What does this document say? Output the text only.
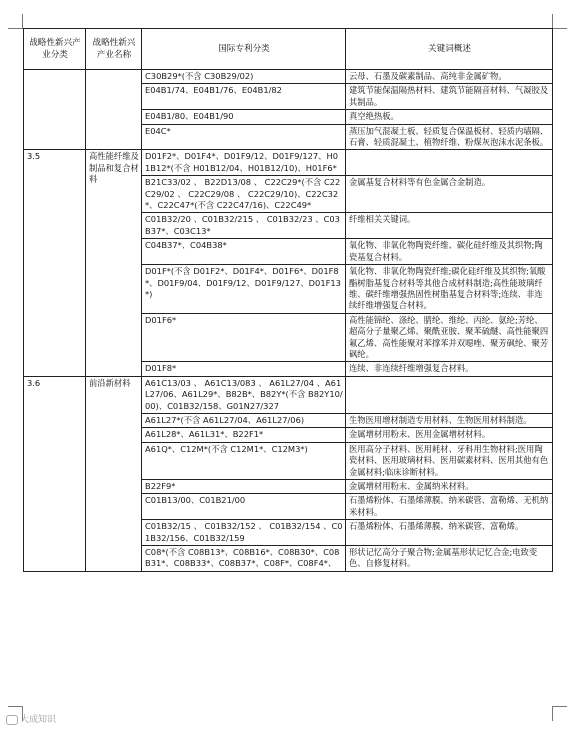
战略性新兴产业分类	战略性新兴产业名称	国际专利分类	关键词概述
		C30B29*(不含 C30B29/02)	云母、石墨及碳素制品、高纯非金属矿物。
		E04B1/74、E04B1/76、E04B1/82	建筑节能保温隔热材料、建筑节能隔音材料、气凝胶及其制品。
		E04B1/80、E04B1/90	真空绝热板。
		E04C*	蒸压加气混凝土板、轻质复合保温板材、轻质内墙隔、石膏、轻质混凝土、植物纤维、粉煤灰泡沫水泥条板。
3.5	高性能纤维及制品和复合材料	D01F2*、D01F4*、D01F9/12、D01F9/127、H01B12*(不含 H01B12/04、H01B12/10)、H01F6*	
		B21C33/02 、 B22D13/08 、 C22C29*(不含 C22C29/02 、 C22C29/08 、 C22C29/10)、C22C32*、C22C47*(不含 C22C47/16)、C22C49*	金属基复合材料等有色金属合金制造。
		C01B32/20 、C01B32/215 、 C01B32/23 、C03B37*、C03C13*	纤维相关关键词。
		C04B37*、C04B38*	氧化物、非氧化物陶瓷纤维、碳化硅纤维及其织物;陶瓷基复合材料。
		D01F*(不含 D01F2*、D01F4*、D01F6*、D01F8*、D01F9/04、D01F9/12、D01F9/127、D01F13*)	氧化物、非氧化物陶瓷纤维;碳化硅纤维及其织物;氧酸酯树脂基复合材料等其他合成材料制造;高性能玻璃纤维、碳纤维增强热固性树脂基复合材料等;连续、非连续纤维增强复合材料。
		D01F6*	高性能锦纶、涤纶、腈纶、维纶、丙纶、氨纶;芳纶、超高分子量聚乙烯、聚酰亚胺、聚苯硫醚、高性能聚四氟乙烯、高性能聚对苯撑苯并双噁唑、聚芳砜纶、聚芳砜纶。
		D01F8*	连续、非连续纤维增强复合材料。
3.6	前沿新材料	A61C13/03 、 A61C13/083 、 A61L27/04 、A61L27/06、A61L29*、B82B*、B82Y*(不含 B82Y10/00)、C01B32/158、G01N27/327	
		A61L27*(不含 A61L27/04、A61L27/06)	生物医用增材制造专用材料、生物医用材料制造。
		A61L28*、A61L31*、B22F1*	金属增材用粉末、医用金属增材材料。
		A61Q*、C12M*(不含 C12M1*、C12M3*)	医用高分子材料、医用耗材、牙科用生物材料;医用陶瓷材料、医用玻璃材料、医用碳素材料、医用其他有色金属材料;临床诊断材料。
		B22F9*	金属增材用粉末、金属纳米材料。
		C01B13/00、C01B21/00	石墨烯粉体、石墨烯薄膜、纳米碳管、富勒烯、无机纳米材料。
		C01B32/15 、 C01B32/152 、 C01B32/154 、C01B32/156、C01B32/159	石墨烯粉体、石墨烯薄膜、纳米碳管、富勒烯。
		C08*(不含 C08B13*、C08B16*、C08B30*、C08B31*、C08B33*、C08B37*、C08F*、C08F4*、	形状记忆高分子聚合物;金属基形状记忆合金;电致变色、自修复材料。
大成知识
